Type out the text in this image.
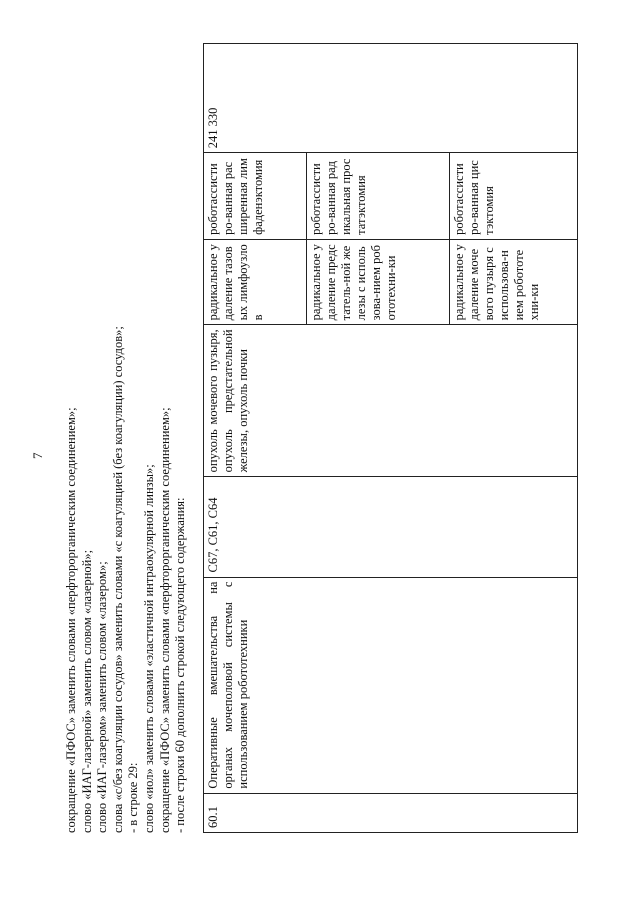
7 сокращение «ПФОС» заменить словами «перфторорганическим соединением»; слово «ИАГ-лазерной» заменить словом «лазерной»; слово «ИАГ-лазером» заменить словом «лазером»; слова «с/без коагуляции сосудов» заменить словами «с коагуляцией (без коагуляции) сосудов»; - в строке 29: слово «иол» заменить словами «эластичной интраокулярной линзы»; сокращение «ПФОС» заменить словами «перфторорганическим соединением»; - после строки 60 дополнить строкой следующего содержания: 60.1	Оперативные вмешательства на органах мочеполовой системы с использованием робототехники	C67, C61, C64	опухоль мочевого пузыря, опухоль предстательной железы, опухоль почки	радикальное удаление тазовых лимфоузлов	роботассистиро-ванная расширенная лимфаденэктомия	241 330
				радикальное удаление предстатель-ной железы с использова-нием робототехни-ки	роботассистиро-ванная радикальная простатэктомия	
				радикальное удаление мочевого пузыря с использова-нием робототехни-ки	роботассистиро-ванная цистэктомия	
